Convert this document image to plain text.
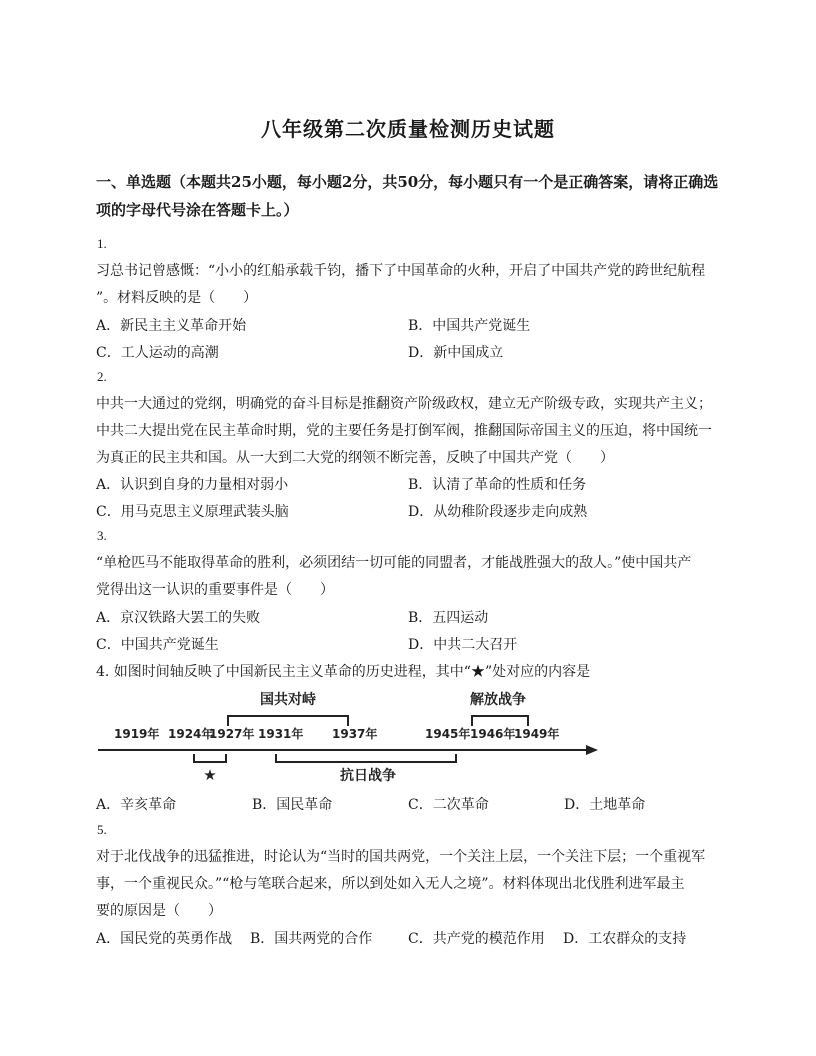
八年级第二次质量检测历史试题
一、单选题（本题共25小题，每小题2分，共50分，每小题只有一个是正确答案，请将正确选项的字母代号涂在答题卡上。）
1.
习总书记曾感慨：“小小的红船承载千钧，播下了中国革命的火种，开启了中国共产党的跨世纪航程
”。材料反映的是（　　）
A．新民主主义革命开始	B．中国共产党诞生
C．工人运动的高潮	D．新中国成立
2.
中共一大通过的党纲，明确党的奋斗目标是推翻资产阶级政权，建立无产阶级专政，实现共产主义；
中共二大提出党在民主革命时期，党的主要任务是打倒军阀，推翻国际帝国主义的压迫，将中国统一
为真正的民主共和国。从一大到二大党的纲领不断完善，反映了中国共产党（　　）
A．认识到自身的力量相对弱小	B．认清了革命的性质和任务
C．用马克思主义原理武装头脑	D．从幼稚阶段逐步走向成熟
3.
“单枪匹马不能取得革命的胜利，必须团结一切可能的同盟者，才能战胜强大的敌人。”使中国共产
党得出这一认识的重要事件是（　　）
A．京汉铁路大罢工的失败	B．五四运动
C．中国共产党诞生	D．中共二大召开
4. 如图时间轴反映了中国新民主主义革命的历史进程，其中“★”处对应的内容是
1919年 1924年
1927年 1931年 1937年	1945年 1946年
1949年
国共对峙	解放战争
★	抗日战争
A．辛亥革命	B．国民革命	C．二次革命	D．土地革命
5.
对于北伐战争的迅猛推进，时论认为“当时的国共两党，一个关注上层，一个关注下层；一个重视军
事，一个重视民众。”“枪与笔联合起来，所以到处如入无人之境”。材料体现出北伐胜利进军最主
要的原因是（　　）
A．国民党的英勇作战 B．国共两党的合作	C．共产党的模范作用 D．工农群众的支持
